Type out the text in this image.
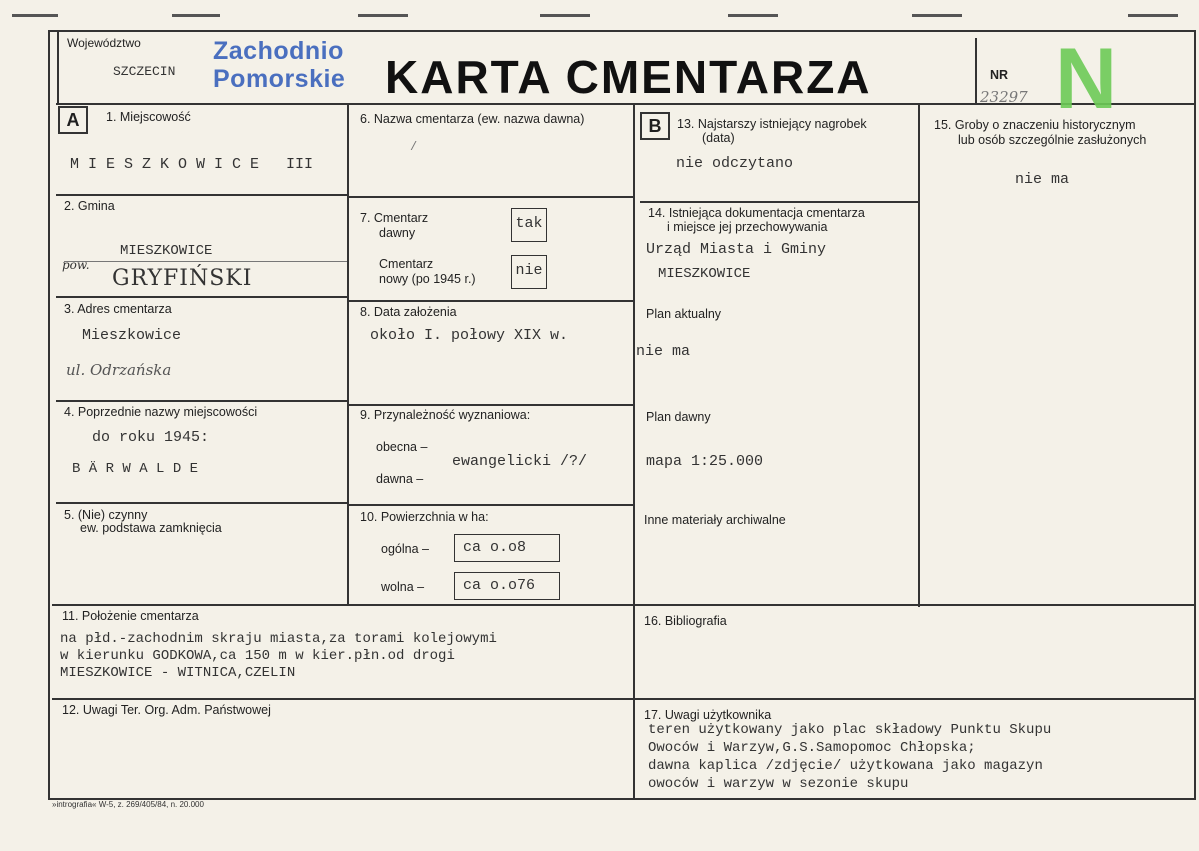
Województwo
SZCZECIN
Zachodnio
Pomorskie KARTA CMENTARZA	NR
23297 N
A	B
1. Miejscowość
M I E S Z K O W I C E   III
2. Gmina
MIESZKOWICE
pow.
GRYFIŃSKI
3. Adres cmentarza
Mieszkowice
ul. Odrzańska
4. Poprzednie nazwy miejscowości
do roku 1945:
B Ä R W A L D E
5. (Nie) czynny
ew. podstawa zamknięcia
6. Nazwa cmentarza (ew. nazwa dawna)
/
7. Cmentarz
dawny
tak
Cmentarz
nowy (po 1945 r.)	nie
8. Data założenia
około I. połowy XIX w.
9. Przynależność wyznaniowa:
obecna –
dawna –
ewangelicki /?/
10. Powierzchnia w ha:
ogólna –	ca o.o8
wolna –	ca o.o76
11. Położenie cmentarza
na płd.-zachodnim skraju miasta,za torami kolejowymi
w kierunku GODKOWA,ca 150 m w kier.płn.od drogi
MIESZKOWICE - WITNICA,CZELIN
12. Uwagi Ter. Org. Adm. Państwowej
13. Najstarszy istniejący nagrobek
(data)
nie odczytano
14. Istniejąca dokumentacja cmentarza
i miejsce jej przechowywania
Urząd Miasta i Gminy
MIESZKOWICE
Plan aktualny
nie ma
Plan dawny
mapa 1:25.000
Inne materiały archiwalne
15. Groby o znaczeniu historycznym
lub osób szczególnie zasłużonych
nie ma
16. Bibliografia
17. Uwagi użytkownika
teren użytkowany jako plac składowy Punktu Skupu
Owoców i Warzyw,G.S.Samopomoc Chłopska;
dawna kaplica /zdjęcie/ użytkowana jako magazyn
owoców i warzyw w sezonie skupu
»intrografia« W-5, z. 269/405/84, n. 20.000
